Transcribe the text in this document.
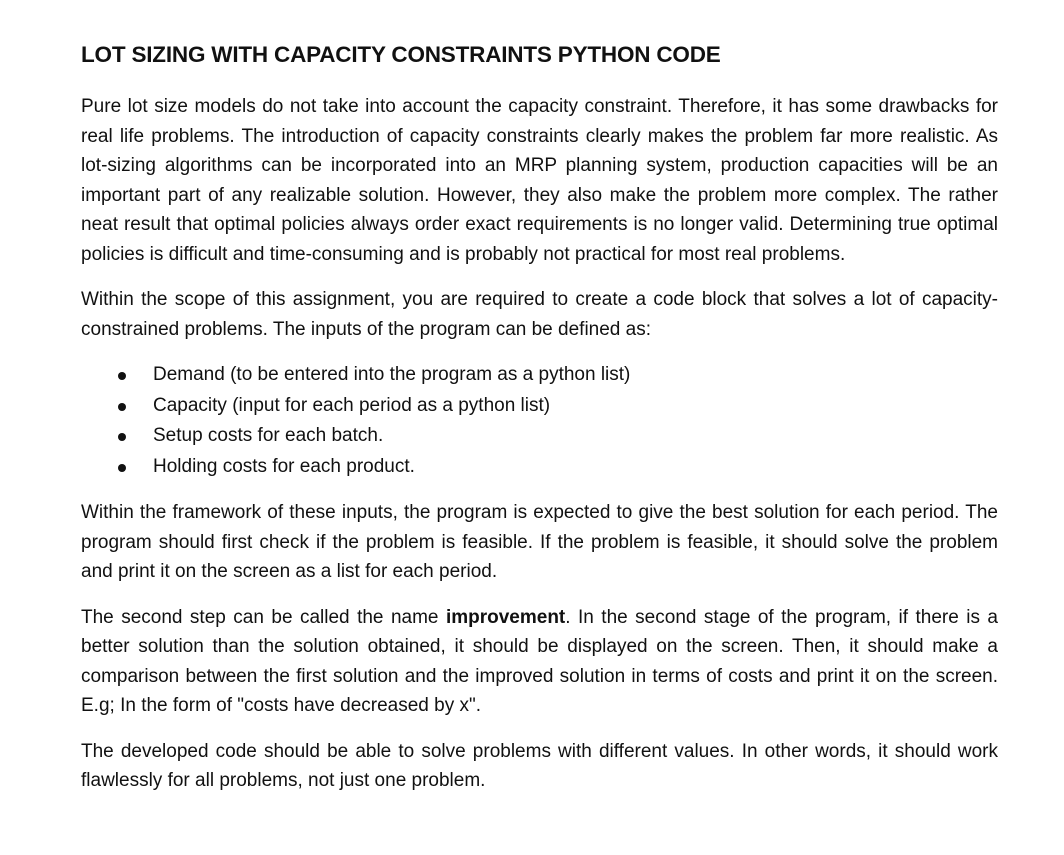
LOT SIZING WITH CAPACITY CONSTRAINTS PYTHON CODE

Pure lot size models do not take into account the capacity constraint. Therefore, it has some drawbacks for real life problems. The introduction of capacity constraints clearly makes the problem far more realistic. As lot-sizing algorithms can be incorporated into an MRP planning system, production capacities will be an important part of any realizable solution. However, they also make the problem more complex. The rather neat result that optimal policies always order exact requirements is no longer valid. Determining true optimal policies is difficult and time-consuming and is probably not practical for most real problems.

Within the scope of this assignment, you are required to create a code block that solves a lot of capacity-constrained problems. The inputs of the program can be defined as:

Demand (to be entered into the program as a python list)
Capacity (input for each period as a python list)
Setup costs for each batch.
Holding costs for each product.

Within the framework of these inputs, the program is expected to give the best solution for each period. The program should first check if the problem is feasible. If the problem is feasible, it should solve the problem and print it on the screen as a list for each period.

The second step can be called the name improvement. In the second stage of the program, if there is a better solution than the solution obtained, it should be displayed on the screen. Then, it should make a comparison between the first solution and the improved solution in terms of costs and print it on the screen. E.g; In the form of "costs have decreased by x".

The developed code should be able to solve problems with different values. In other words, it should work flawlessly for all problems, not just one problem.
